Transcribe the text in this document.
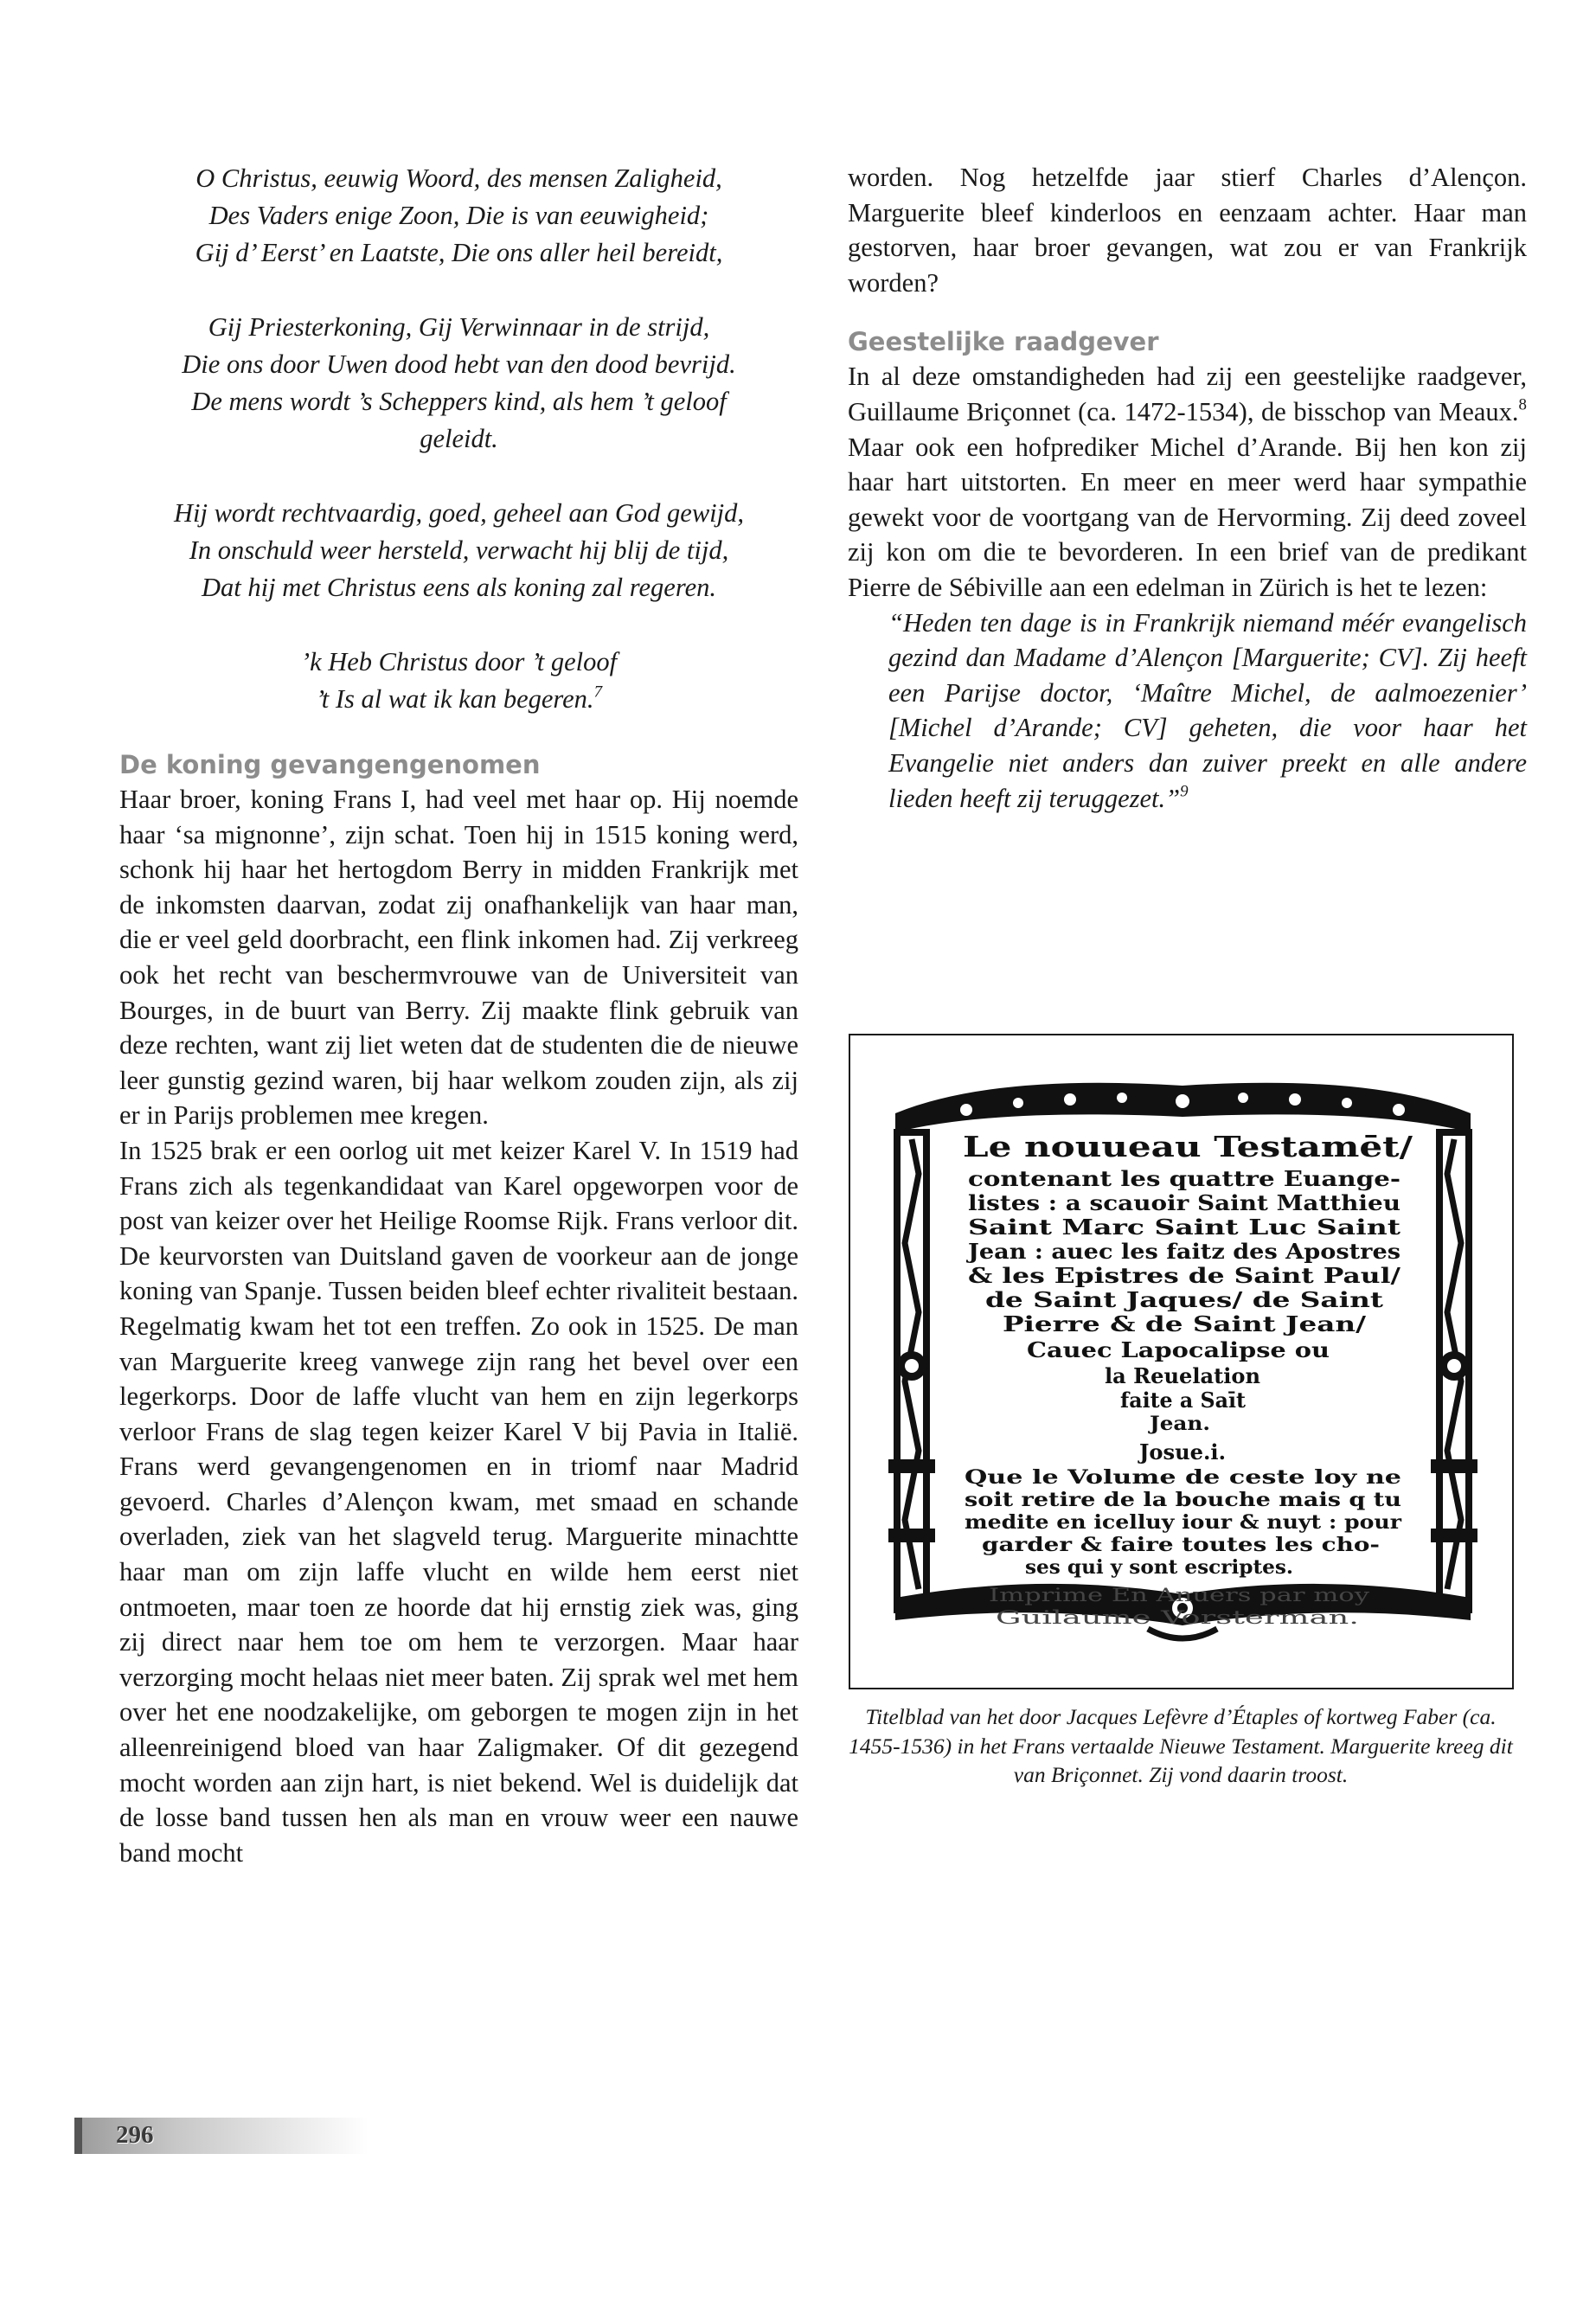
O Christus, eeuwig Woord, des mensen Zaligheid,
Des Vaders enige Zoon, Die is van eeuwigheid;
Gij d’ Eerst’ en Laatste, Die ons aller heil bereidt,
Gij Priesterkoning, Gij Verwinnaar in de strijd,
Die ons door Uwen dood hebt van den dood bevrijd.
De mens wordt ’s Scheppers kind, als hem ’t geloof
geleidt.
Hij wordt rechtvaardig, goed, geheel aan God gewijd,
In onschuld weer hersteld, verwacht hij blij de tijd,
Dat hij met Christus eens als koning zal regeren.
’k Heb Christus door ’t geloof
’t Is al wat ik kan begeren.$^7$
De koning gevangengenomen

Haar broer, koning Frans I, had veel met haar op. Hij noemde haar ‘sa mignonne’, zijn schat. Toen hij in 1515 koning werd, schonk hij haar het hertogdom Berry in midden Frankrijk met de inkomsten daarvan, zodat zij onafhankelijk van haar man, die er veel geld doorbracht, een flink inkomen had. Zij verkreeg ook het recht van beschermvrouwe van de Universiteit van Bourges, in de buurt van Berry. Zij maakte flink gebruik van deze rechten, want zij liet weten dat de studenten die de nieuwe leer gunstig gezind waren, bij haar welkom zouden zijn, als zij er in Parijs problemen mee kregen.

In 1525 brak er een oorlog uit met keizer Karel V. In 1519 had Frans zich als tegenkandidaat van Karel opgeworpen voor de post van keizer over het Heilige Roomse Rijk. Frans verloor dit. De keurvorsten van Duitsland gaven de voorkeur aan de jonge koning van Spanje. Tussen beiden bleef echter rivaliteit bestaan. Regelmatig kwam het tot een treffen. Zo ook in 1525. De man van Marguerite kreeg vanwege zijn rang het bevel over een legerkorps. Door de laffe vlucht van hem en zijn legerkorps verloor Frans de slag tegen keizer Karel V bij Pavia in Italië. Frans werd gevangengenomen en in triomf naar Madrid gevoerd. Charles d’Alençon kwam, met smaad en schande overladen, ziek van het slagveld terug. Marguerite minachtte haar man om zijn laffe vlucht en wilde hem eerst niet ontmoeten, maar toen ze hoorde dat hij ernstig ziek was, ging zij direct naar hem toe om hem te verzorgen. Maar haar verzorging mocht helaas niet meer baten. Zij sprak wel met hem over het ene noodzakelijke, om geborgen te mogen zijn in het alleenreinigend bloed van haar Zaligmaker. Of dit gezegend mocht worden aan zijn hart, is niet bekend. Wel is duidelijk dat de losse band tussen hen als man en vrouw weer een nauwe band mocht

worden. Nog hetzelfde jaar stierf Charles d’Alençon. Marguerite bleef kinderloos en eenzaam achter. Haar man gestorven, haar broer gevangen, wat zou er van Frankrijk worden?

Geestelijke raadgever

In al deze omstandigheden had zij een geestelijke raadgever, Guillaume Briçonnet (ca. 1472-1534), de bisschop van Meaux.$^8$ Maar ook een hofprediker Michel d’Arande. Bij hen kon zij haar hart uitstorten. En meer en meer werd haar sympathie gewekt voor de voortgang van de Hervorming. Zij deed zoveel zij kon om die te bevorderen. In een brief van de predikant Pierre de Sébiville aan een edelman in Zürich is het te lezen:

“Heden ten dage is in Frankrijk niemand méér evangelisch gezind dan Madame d’Alençon [Marguerite; CV]. Zij heeft een Parijse doctor, ‘Maître Michel, de aalmoezenier’ [Michel d’Arande; CV] geheten, die voor haar het Evangelie niet anders dan zuiver preekt en alle andere lieden heeft zij teruggezet.”$^9$

Le nouueau Testamēt/
contenant les quattre Euange-
listes : a scauoir Saint Matthieu
Saint Marc Saint Luc Saint
Jean : auec les faitz des Apostres
& les Epistres de Saint Paul/
de Saint Jaques/ de Saint
Pierre & de Saint Jean/
Cauec Lapocalipse ou
la Reuelation
faite a Saīt
Jean.
Josue.i.
Que le Volume de ceste loy ne
soit retire de la bouche mais q tu
medite en icelluy iour & nuyt : pour
garder & faire toutes les cho-
ses qui y sont escriptes.
Imprime En Anuers par moy
Guilaume Vorsterman.
Titelblad van het door Jacques Lefèvre d’Étaples of kortweg Faber (ca. 1455-1536) in het Frans vertaalde Nieuwe Testament. Marguerite kreeg dit van Briçonnet. Zij vond daarin troost.
296
